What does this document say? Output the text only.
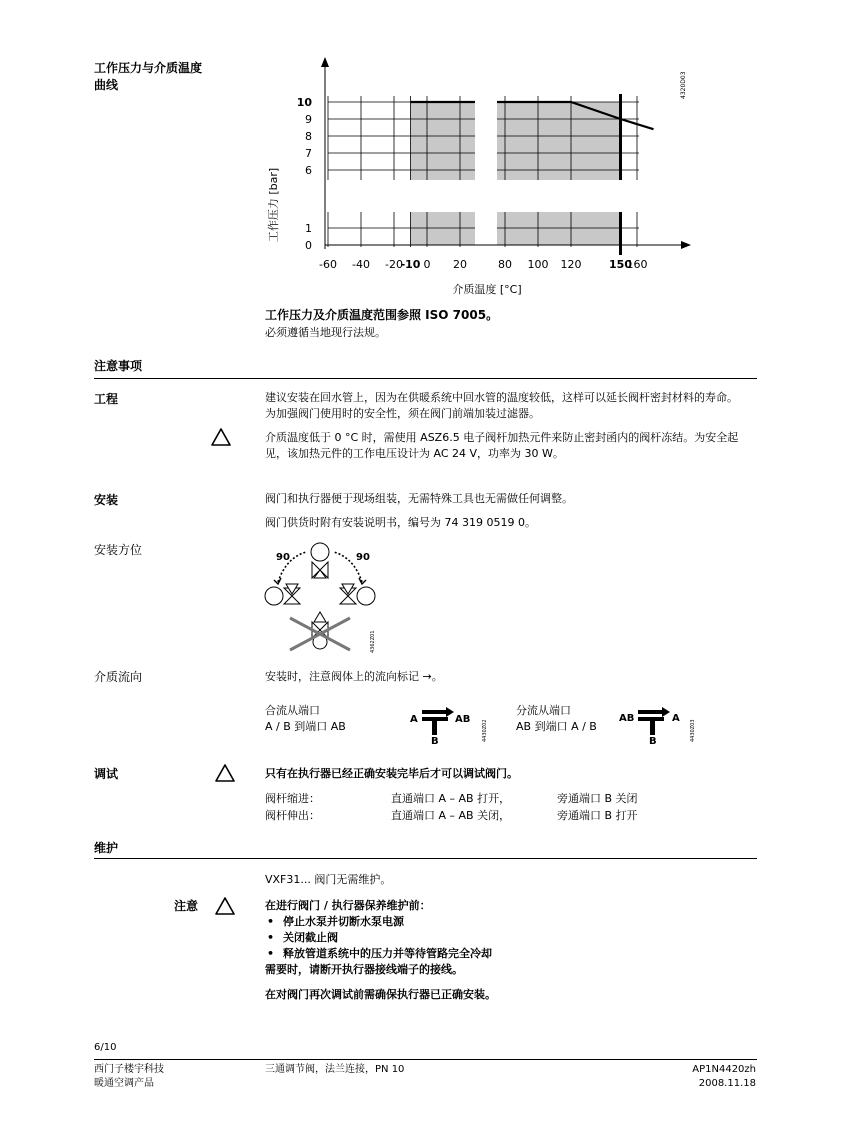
工作压力与介质温度
曲线
-60 -40 -20
-10 0 20	80 100 120	150
160
0
1
6
7
8
9
10
介质温度 [°C]
工作压力 [bar]
4320D03
工作压力及介质温度范围参照 ISO 7005。
必须遵循当地现行法规。
注意事项
工程	建议安装在回水管上，因为在供暖系统中回水管的温度较低，这样可以延长阀杆密封材料的寿命。
为加强阀门使用时的安全性，须在阀门前端加装过滤器。
介质温度低于 0 °C 时，需使用 ASZ6.5 电子阀杆加热元件来防止密封函内的阀杆冻结。为安全起见，该加热元件的工作电压设计为 AC 24 V，功率为 30 W。
安装	阀门和执行器便于现场组装，无需特殊工具也无需做任何调整。
阀门供货时附有安装说明书，编号为 74 319 0519 0。
安装方位
90	90
4362Z01
介质流向	安装时，注意阀体上的流向标记 →。
合流从端口
A / B 到端口 AB
A	AB
B	4430Z02
分流从端口
AB 到端口 A / B
AB	A
B	4430Z03
调试	只有在执行器已经正确安装完毕后才可以调试阀门。
阀杆缩进：	直通端口 A – AB 打开，	旁通端口 B 关闭
阀杆伸出：	直通端口 A – AB 关闭，	旁通端口 B 打开
维护
VXF31... 阀门无需维护。
注意	在进行阀门 / 执行器保养维护前：
• 停止水泵并切断水泵电源
• 关闭截止阀
• 释放管道系统中的压力并等待管路完全冷却
需要时，请断开执行器接线端子的接线。
在对阀门再次调试前需确保执行器已正确安装。
6/10
西门子楼宇科技
暖通空调产品
三通调节阀，法兰连接，PN 10	AP1N4420zh
2008.11.18
